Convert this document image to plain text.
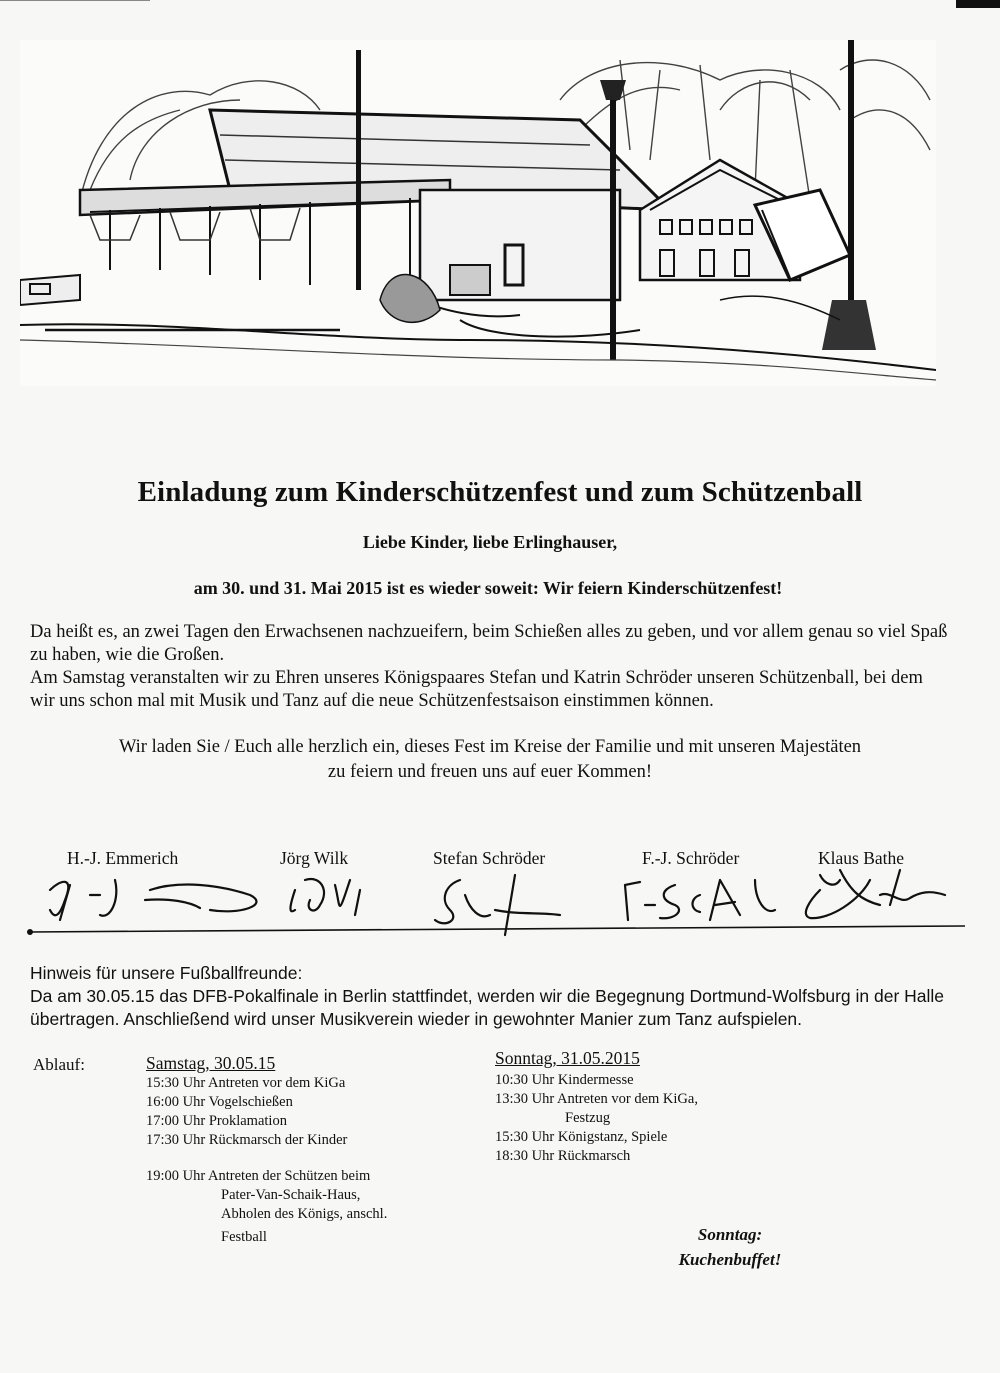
Einladung zum Kinderschützenfest und zum Schützenball
Liebe Kinder, liebe Erlinghauser,
am 30. und 31. Mai 2015 ist es wieder soweit: Wir feiern Kinderschützenfest!
Da heißt es, an zwei Tagen den Erwachsenen nachzueifern, beim Schießen alles zu geben, und vor allem genau so viel Spaß zu haben, wie die Großen.
Am Samstag veranstalten wir zu Ehren unseres Königspaares Stefan und Katrin Schröder unseren Schützenball, bei dem wir uns schon mal mit Musik und Tanz auf die neue Schützenfestsaison einstimmen können.
Wir laden Sie / Euch alle herzlich ein, dieses Fest im Kreise der Familie und mit unseren Majestäten
zu feiern und freuen uns auf euer Kommen!
H.-J. Emmerich	Jörg Wilk	Stefan Schröder	F.-J. Schröder	Klaus Bathe
Hinweis für unsere Fußballfreunde:
Da am 30.05.15 das DFB-Pokalfinale in Berlin stattfindet, werden wir die Begegnung Dortmund-Wolfsburg in der Halle übertragen. Anschließend wird unser Musikverein wieder in gewohnter Manier zum Tanz aufspielen.
Ablauf:	Samstag, 30.05.15
15:30 Uhr Antreten vor dem KiGa
16:00 Uhr Vogelschießen
17:00 Uhr Proklamation
17:30 Uhr Rückmarsch der Kinder
19:00 Uhr Antreten der Schützen beim
Pater-Van-Schaik-Haus,
Abholen des Königs, anschl.
Festball
Sonntag, 31.05.2015
10:30 Uhr Kindermesse
13:30 Uhr Antreten vor dem KiGa,
Festzug
15:30 Uhr Königstanz, Spiele
18:30 Uhr Rückmarsch
Sonntag:
Kuchenbuffet!
